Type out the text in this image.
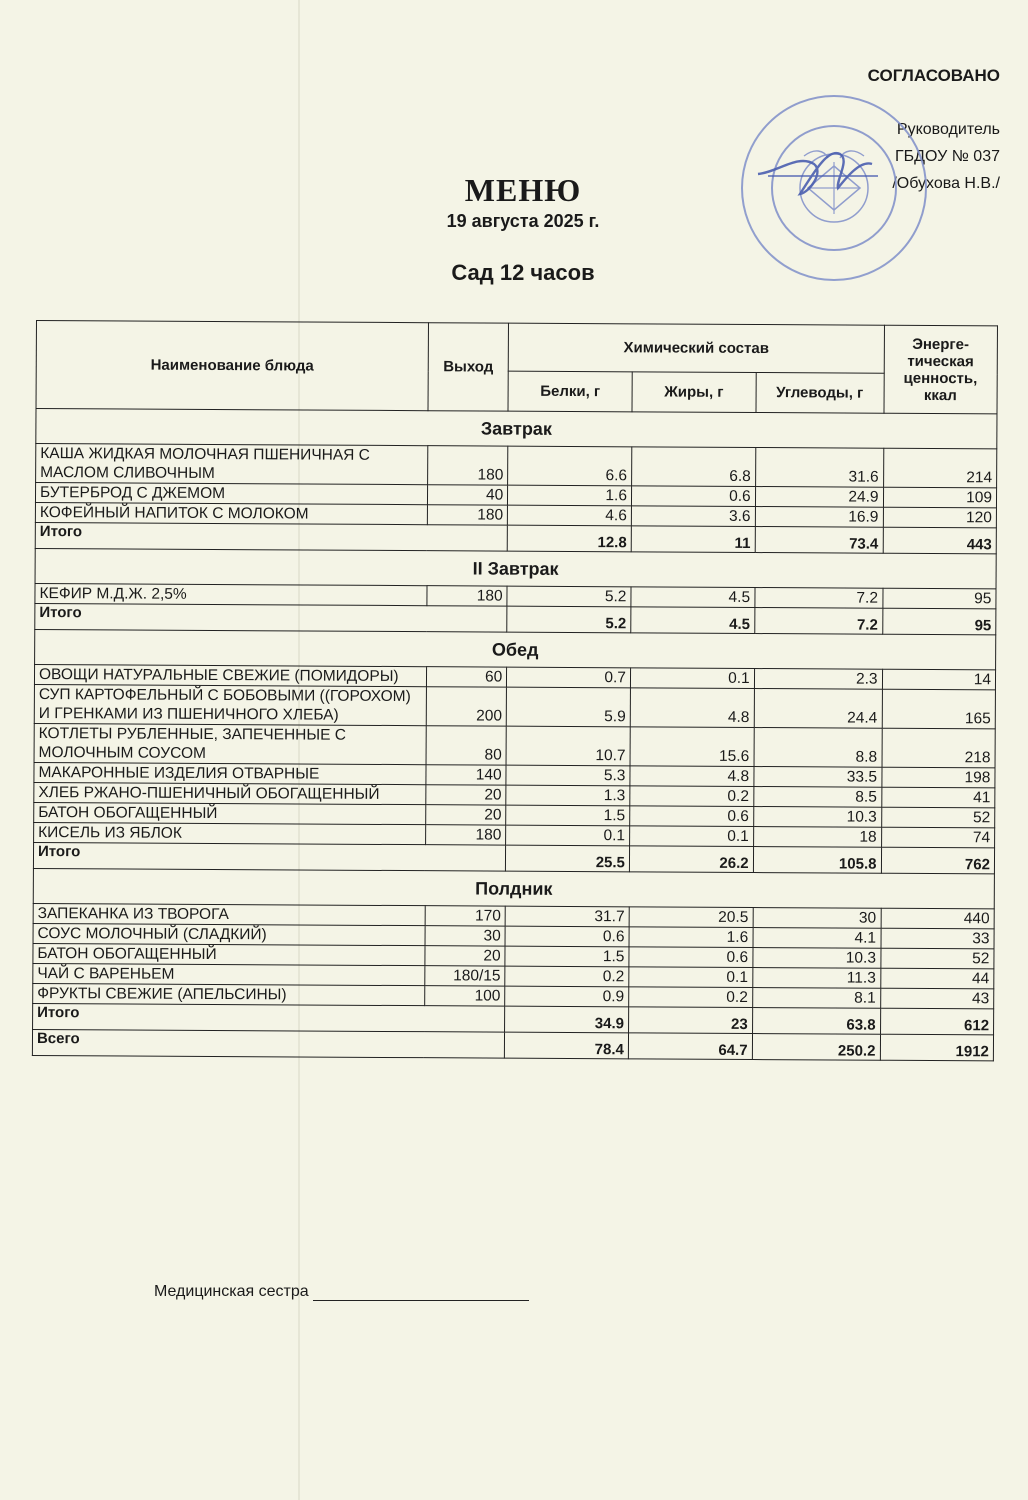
СОГЛАСОВАНО
Руководитель
ГБДОУ № 037
/Обухова Н.В./
МЕНЮ
19 августа 2025 г.
Сад 12 часов
Наименование блюда	Выход	Химический состав			Энерге-тическая ценность, ккал
		Белки, г	Жиры, г	Углеводы, г	
Завтрак					
КАША ЖИДКАЯ МОЛОЧНАЯ ПШЕНИЧНАЯ С МАСЛОМ СЛИВОЧНЫМ	180	6.6	6.8	31.6	214
БУТЕРБРОД С ДЖЕМОМ	40	1.6	0.6	24.9	109
КОФЕЙНЫЙ НАПИТОК С МОЛОКОМ	180	4.6	3.6	16.9	120
Итого		12.8	11	73.4	443
II Завтрак					
КЕФИР М.Д.Ж. 2,5%	180	5.2	4.5	7.2	95
Итого		5.2	4.5	7.2	95
Обед					
ОВОЩИ НАТУРАЛЬНЫЕ СВЕЖИЕ (ПОМИДОРЫ)	60	0.7	0.1	2.3	14
СУП КАРТОФЕЛЬНЫЙ С БОБОВЫМИ ((ГОРОХОМ) И ГРЕНКАМИ ИЗ ПШЕНИЧНОГО ХЛЕБА)	200	5.9	4.8	24.4	165
КОТЛЕТЫ РУБЛЕННЫЕ, ЗАПЕЧЕННЫЕ С МОЛОЧНЫМ СОУСОМ	80	10.7	15.6	8.8	218
МАКАРОННЫЕ ИЗДЕЛИЯ ОТВАРНЫЕ	140	5.3	4.8	33.5	198
ХЛЕБ РЖАНО-ПШЕНИЧНЫЙ ОБОГАЩЕННЫЙ	20	1.3	0.2	8.5	41
БАТОН ОБОГАЩЕННЫЙ	20	1.5	0.6	10.3	52
КИСЕЛЬ ИЗ ЯБЛОК	180	0.1	0.1	18	74
Итого		25.5	26.2	105.8	762
Полдник					
ЗАПЕКАНКА ИЗ ТВОРОГА	170	31.7	20.5	30	440
СОУС МОЛОЧНЫЙ (СЛАДКИЙ)	30	0.6	1.6	4.1	33
БАТОН ОБОГАЩЕННЫЙ	20	1.5	0.6	10.3	52
ЧАЙ С ВАРЕНЬЕМ	180/15	0.2	0.1	11.3	44
ФРУКТЫ СВЕЖИЕ (АПЕЛЬСИНЫ)	100	0.9	0.2	8.1	43
Итого		34.9	23	63.8	612
Всего		78.4	64.7	250.2	1912
Медицинская сестра
